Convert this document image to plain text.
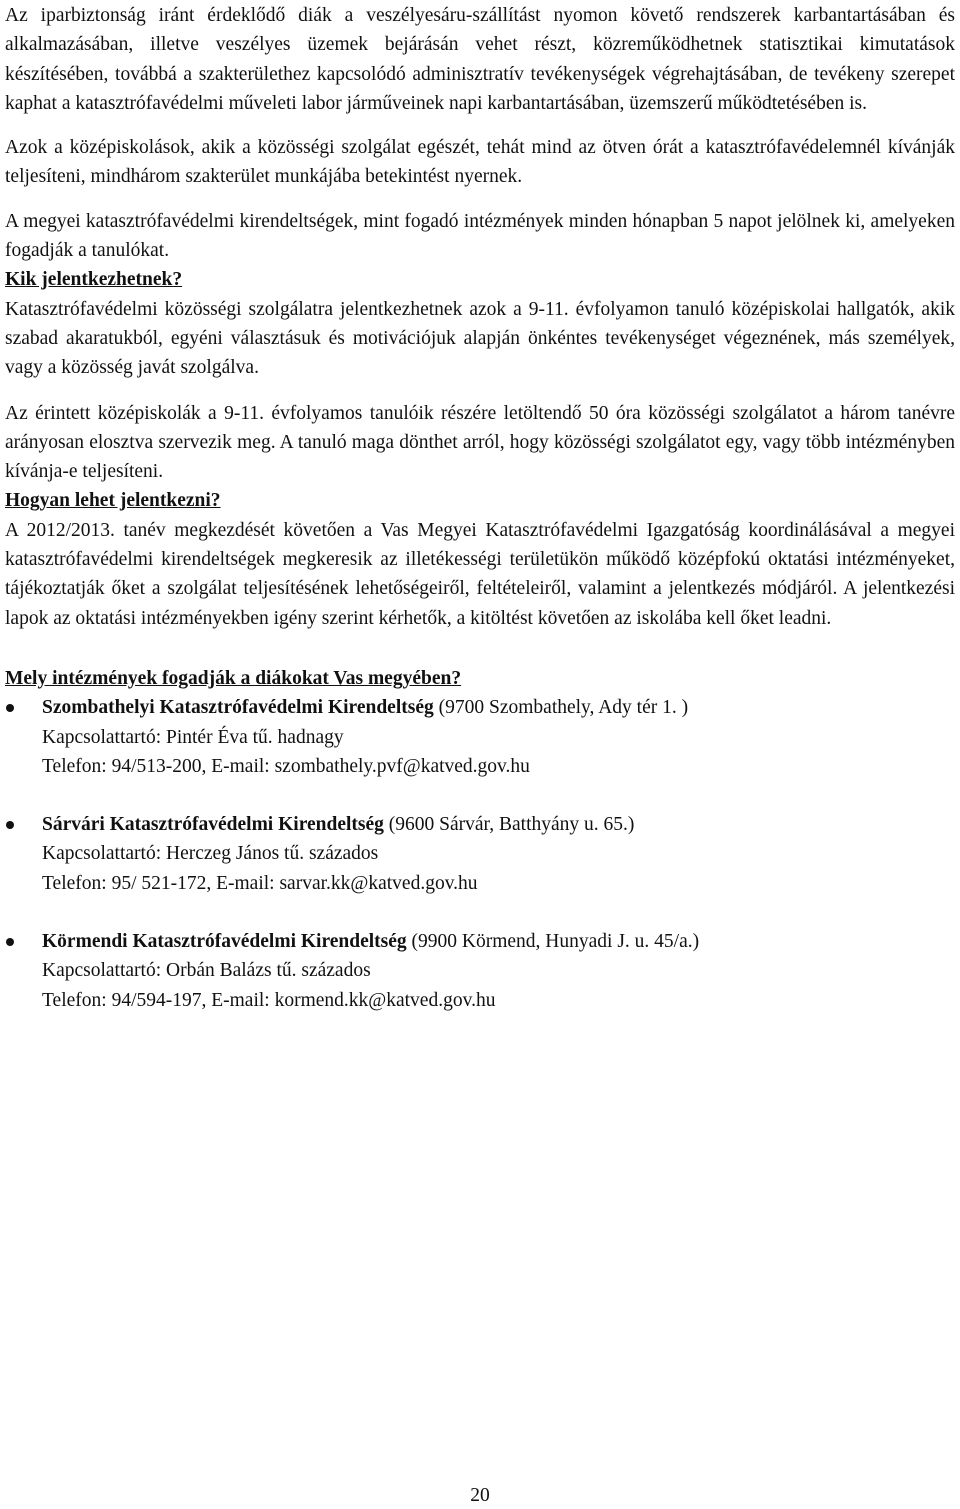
Az iparbiztonság iránt érdeklődő diák a veszélyesáru-szállítást nyomon követő rendszerek karbantartásában és alkalmazásában, illetve veszélyes üzemek bejárásán vehet részt, közreműködhetnek statisztikai kimutatások készítésében, továbbá a szakterülethez kapcsolódó adminisztratív tevékenységek végrehajtásában, de tevékeny szerepet kaphat a katasztrófavédelmi műveleti labor járműveinek napi karbantartásában, üzemszerű működtetésében is.

Azok a középiskolások, akik a közösségi szolgálat egészét, tehát mind az ötven órát a katasztrófavédelemnél kívánják teljesíteni, mindhárom szakterület munkájába betekintést nyernek.

A megyei katasztrófavédelmi kirendeltségek, mint fogadó intézmények minden hónapban 5 napot jelölnek ki, amelyeken fogadják a tanulókat.

Kik jelentkezhetnek?

Katasztrófavédelmi közösségi szolgálatra jelentkezhetnek azok a 9-11. évfolyamon tanuló középiskolai hallgatók, akik szabad akaratukból, egyéni választásuk és motivációjuk alapján önkéntes tevékenységet végeznének, más személyek, vagy a közösség javát szolgálva.

Az érintett középiskolák a 9-11. évfolyamos tanulóik részére letöltendő 50 óra közösségi szolgálatot a három tanévre arányosan elosztva szervezik meg. A tanuló maga dönthet arról, hogy közösségi szolgálatot egy, vagy több intézményben kívánja-e teljesíteni.

Hogyan lehet jelentkezni?

A 2012/2013. tanév megkezdését követően a Vas Megyei Katasztrófavédelmi Igazgatóság koordinálásával a megyei katasztrófavédelmi kirendeltségek megkeresik az illetékességi területükön működő középfokú oktatási intézményeket, tájékoztatják őket a szolgálat teljesítésének lehetőségeiről, feltételeiről, valamint a jelentkezés módjáról. A jelentkezési lapok az oktatási intézményekben igény szerint kérhetők, a kitöltést követően az iskolába kell őket leadni.

Mely intézmények fogadják a diákokat Vas megyében?
Szombathelyi Katasztrófavédelmi Kirendeltség (9700 Szombathely, Ady tér 1. )
Kapcsolattartó: Pintér Éva tű. hadnagy
Telefon: 94/513-200, E-mail: szombathely.pvf@katved.gov.hu
Sárvári Katasztrófavédelmi Kirendeltség (9600 Sárvár, Batthyány u. 65.)
Kapcsolattartó: Herczeg János tű. százados
Telefon: 95/ 521-172, E-mail: sarvar.kk@katved.gov.hu
Körmendi Katasztrófavédelmi Kirendeltség (9900 Körmend, Hunyadi J. u. 45/a.)
Kapcsolattartó: Orbán Balázs tű. százados
Telefon: 94/594-197, E-mail: kormend.kk@katved.gov.hu
20
